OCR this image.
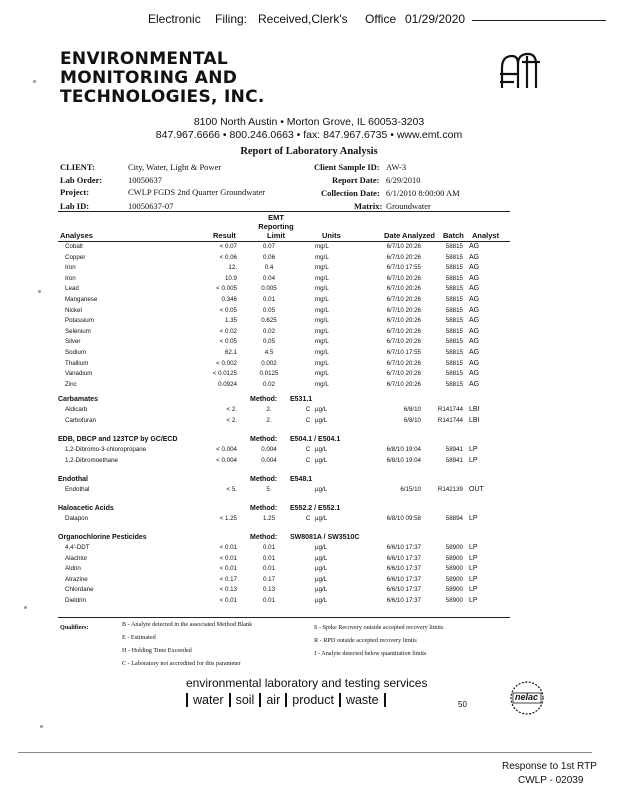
Electronic Filing: Received,Clerk's Office 01/29/2020
ENVIRONMENTAL
MONITORING AND
TECHNOLOGIES, INC.
8100 North Austin • Morton Grove, IL 60053-3203
847.967.6666 • 800.246.0663 • fax: 847.967.6735 • www.emt.com
Report of Laboratory Analysis
CLIENT:	City, Water, Light & Power
Lab Order:	10050637
Project:	CWLP FGDS 2nd Quarter Groundwater
Lab ID:	10050637-07
Client Sample ID: AW-3
Report Date: 6/29/2010
Collection Date: 6/1/2010 8:00:00 AM
Matrix: Groundwater
Analyses	Result
EMT
Reporting
Limit	Units	Date Analyzed Batch Analyst
Cobalt	< 0.07	0.07		mg/L	6/7/10 20:26	58815	AG
Copper	< 0.06	0.06		mg/L	6/7/10 20:26	58815	AG
Iron	12.	0.4		mg/L	6/7/10 17:55	58815	AG
Iron	10.9	0.04		mg/L	6/7/10 20:26	58815	AG
Lead	< 0.005	0.005		mg/L	6/7/10 20:26	58815	AG
Manganese	0.346	0.01		mg/L	6/7/10 20:26	58815	AG
Nickel	< 0.05	0.05		mg/L	6/7/10 20:26	58815	AG
Potassium	1.35	0.625		mg/L	6/7/10 20:26	58815	AG
Selenium	< 0.02	0.02		mg/L	6/7/10 20:26	58815	AG
Silver	< 0.05	0.05		mg/L	6/7/10 20:26	58815	AG
Sodium	62.1	4.5		mg/L	6/7/10 17:55	58815	AG
Thallium	< 0.002	0.002		mg/L	6/7/10 20:26	58815	AG
Vanadium	< 0.0125	0.0125		mg/L	6/7/10 20:26	58815	AG
Zinc	0.0924	0.02		mg/L	6/7/10 20:26	58815	AG
Carbamates	Method: E531.1
Aldicarb	< 2.	2.	C	µg/L	6/8/10	R141744	LBI
Carbofuran	< 2.	2.	C	µg/L	6/8/10	R141744	LBI
EDB, DBCP and 123TCP by GC/ECD	Method: E504.1 / E504.1
1,2-Dibromo-3-chloropropane	< 0.004	0.004	C	µg/L	6/8/10 19:04	58941	LP
1,2-Dibromoethane	< 0.004	0.004	C	µg/L	6/8/10 19:04	58941	LP
Endothal	Method: E548.1
Endothal	< 5.	5.		µg/L	6/15/10	R142139	OUT
Haloacetic Acids	Method: E552.2 / E552.1
Dalapon	< 1.25	1.25	C	µg/L	6/8/10 09:58	58894	LP
Organochlorine Pesticides	Method: SW8081A / SW3510C
4,4'-DDT	< 0.01	0.01		µg/L	6/6/10 17:37	58900	LP
Alachlor	< 0.01	0.01		µg/L	6/6/10 17:37	58900	LP
Aldrin	< 0.01	0.01		µg/L	6/6/10 17:37	58900	LP
Atrazine	< 0.17	0.17		µg/L	6/6/10 17:37	58900	LP
Chlordane	< 0.13	0.13		µg/L	6/6/10 17:37	58900	LP
Dieldrin	< 0.01	0.01		µg/L	6/6/10 17:37	58900	LP
Qualifiers:	B - Analyte detected in the associated Method Blank
E - Estimated
H - Holding Time Exceeded
C - Laboratory not accredited for this parameter
S - Spike Recovery outside accepted recovery limits
R - RPD outside accepted recovery limits
J - Analyte detected below quantitation limits
environmental laboratory and testing services
water soil air product waste	50
nelac
Response to 1st RTP
CWLP - 02039
